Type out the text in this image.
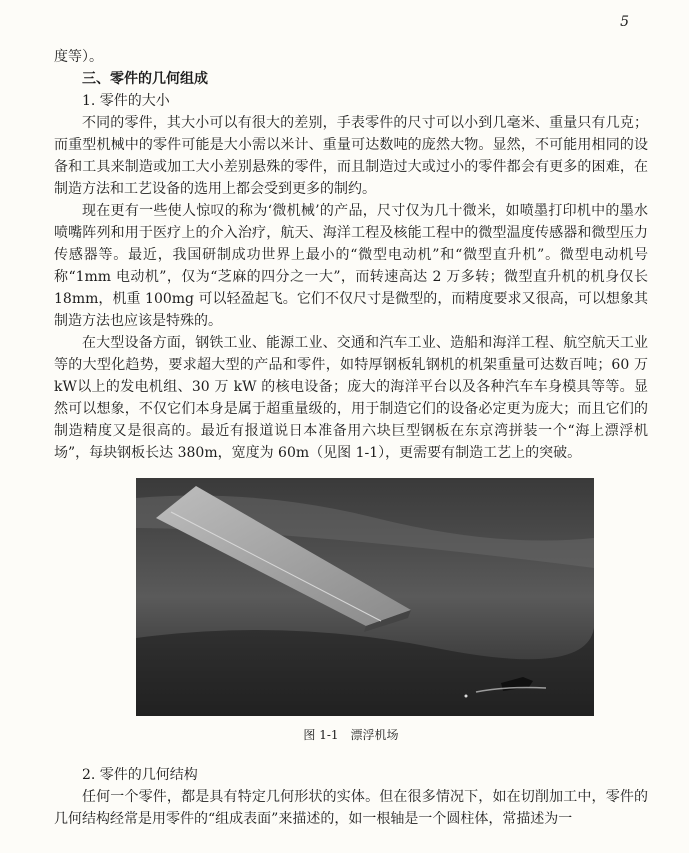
5

度等）。

三、零件的几何组成
1. 零件的大小

不同的零件，其大小可以有很大的差别，手表零件的尺寸可以小到几毫米、重量只有几克；而重型机械中的零件可能是大小需以米计、重量可达数吨的庞然大物。显然，不可能用相同的设备和工具来制造或加工大小差别悬殊的零件，而且制造过大或过小的零件都会有更多的困难，在制造方法和工艺设备的选用上都会受到更多的制约。

现在更有一些使人惊叹的称为‘微机械’的产品，尺寸仅为几十微米，如喷墨打印机中的墨水喷嘴阵列和用于医疗上的介入治疗，航天、海洋工程及核能工程中的微型温度传感器和微型压力传感器等。最近，我国研制成功世界上最小的“微型电动机”和“微型直升机”。微型电动机号称“1mm 电动机”，仅为“芝麻的四分之一大”，而转速高达 2 万多转；微型直升机的机身仅长 18mm，机重 100mg 可以轻盈起飞。它们不仅尺寸是微型的，而精度要求又很高，可以想象其制造方法也应该是特殊的。

在大型设备方面，钢铁工业、能源工业、交通和汽车工业、造船和海洋工程、航空航天工业等的大型化趋势，要求超大型的产品和零件，如特厚钢板轧钢机的机架重量可达数百吨；60 万 kW以上的发电机组、30 万 kW 的核电设备；庞大的海洋平台以及各种汽车车身模具等等。显然可以想象，不仅它们本身是属于超重量级的，用于制造它们的设备必定更为庞大；而且它们的制造精度又是很高的。最近有报道说日本准备用六块巨型钢板在东京湾拼装一个“海上漂浮机场”，每块钢板长达 380m，宽度为 60m（见图 1-1），更需要有制造工艺上的突破。

图 1-1　漂浮机场
2. 零件的几何结构

任何一个零件，都是具有特定几何形状的实体。但在很多情况下，如在切削加工中，零件的几何结构经常是用零件的“组成表面”来描述的，如一根轴是一个圆柱体，常描述为一
